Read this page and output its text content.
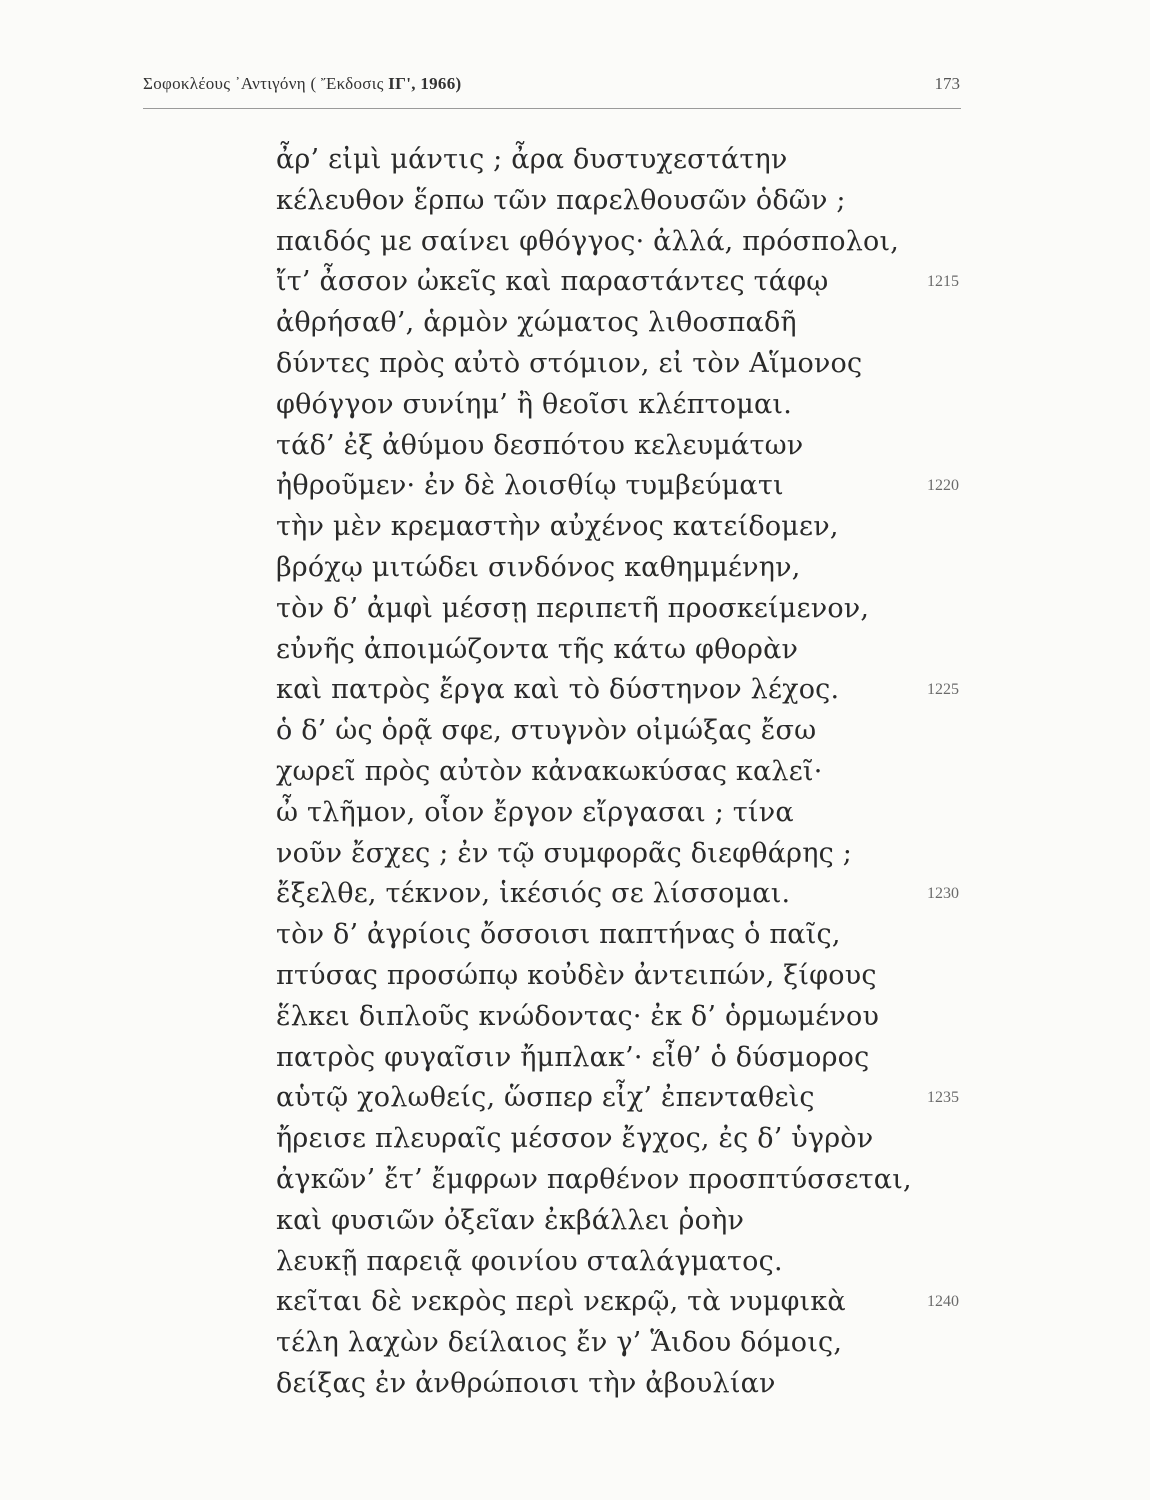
Σοφοκλέους ᾿Αντιγόνη ( Ἔκδοσις ΙΓ', 1966)	173
ἆρ’ εἰμὶ μάντις ; ἆρα δυστυχεστάτην
κέλευθον ἕρπω τῶν παρελθουσῶν ὁδῶν ;
παιδός με σαίνει φθόγγος· ἀλλά, πρόσπολοι,
ἴτ’ ἆσσον ὠκεῖς καὶ παραστάντες τάφῳ	1215
ἀθρήσαθ’, ἁρμὸν χώματος λιθοσπαδῆ
δύντες πρὸς αὐτὸ στόμιον, εἰ τὸν Αἵμονος
φθόγγον συνίημ’ ἢ θεοῖσι κλέπτομαι.
τάδ’ ἐξ ἀθύμου δεσπότου κελευμάτων
ἠθροῦμεν· ἐν δὲ λοισθίῳ τυμβεύματι	1220
τὴν μὲν κρεμαστὴν αὐχένος κατείδομεν,
βρόχῳ μιτώδει σινδόνος καθημμένην,
τὸν δ’ ἀμφὶ μέσσῃ περιπετῆ προσκείμενον,
εὐνῆς ἀποιμώζοντα τῆς κάτω φθορὰν
καὶ πατρὸς ἔργα καὶ τὸ δύστηνον λέχος.	1225
ὁ δ’ ὡς ὁρᾷ σφε, στυγνὸν οἰμώξας ἔσω
χωρεῖ πρὸς αὐτὸν κἀνακωκύσας καλεῖ·
ὦ τλῆμον, οἷον ἔργον εἴργασαι ; τίνα
νοῦν ἔσχες ; ἐν τῷ συμφορᾶς διεφθάρης ;
ἔξελθε, τέκνον, ἱκέσιός σε λίσσομαι.	1230
τὸν δ’ ἀγρίοις ὄσσοισι παπτήνας ὁ παῖς,
πτύσας προσώπῳ κοὐδὲν ἀντειπών, ξίφους
ἕλκει διπλοῦς κνώδοντας· ἐκ δ’ ὁρμωμένου
πατρὸς φυγαῖσιν ἤμπλακ’· εἶθ’ ὁ δύσμορος
αὑτῷ χολωθείς, ὥσπερ εἶχ’ ἐπενταθεὶς	1235
ἤρεισε πλευραῖς μέσσον ἔγχος, ἐς δ’ ὑγρὸν
ἀγκῶν’ ἔτ’ ἔμφρων παρθένον προσπτύσσεται,
καὶ φυσιῶν ὀξεῖαν ἐκβάλλει ῥοὴν
λευκῇ παρειᾷ φοινίου σταλάγματος.
κεῖται δὲ νεκρὸς περὶ νεκρῷ, τὰ νυμφικὰ	1240
τέλη λαχὼν δείλαιος ἔν γ’ Ἅιδου δόμοις,
δείξας ἐν ἀνθρώποισι τὴν ἀβουλίαν
